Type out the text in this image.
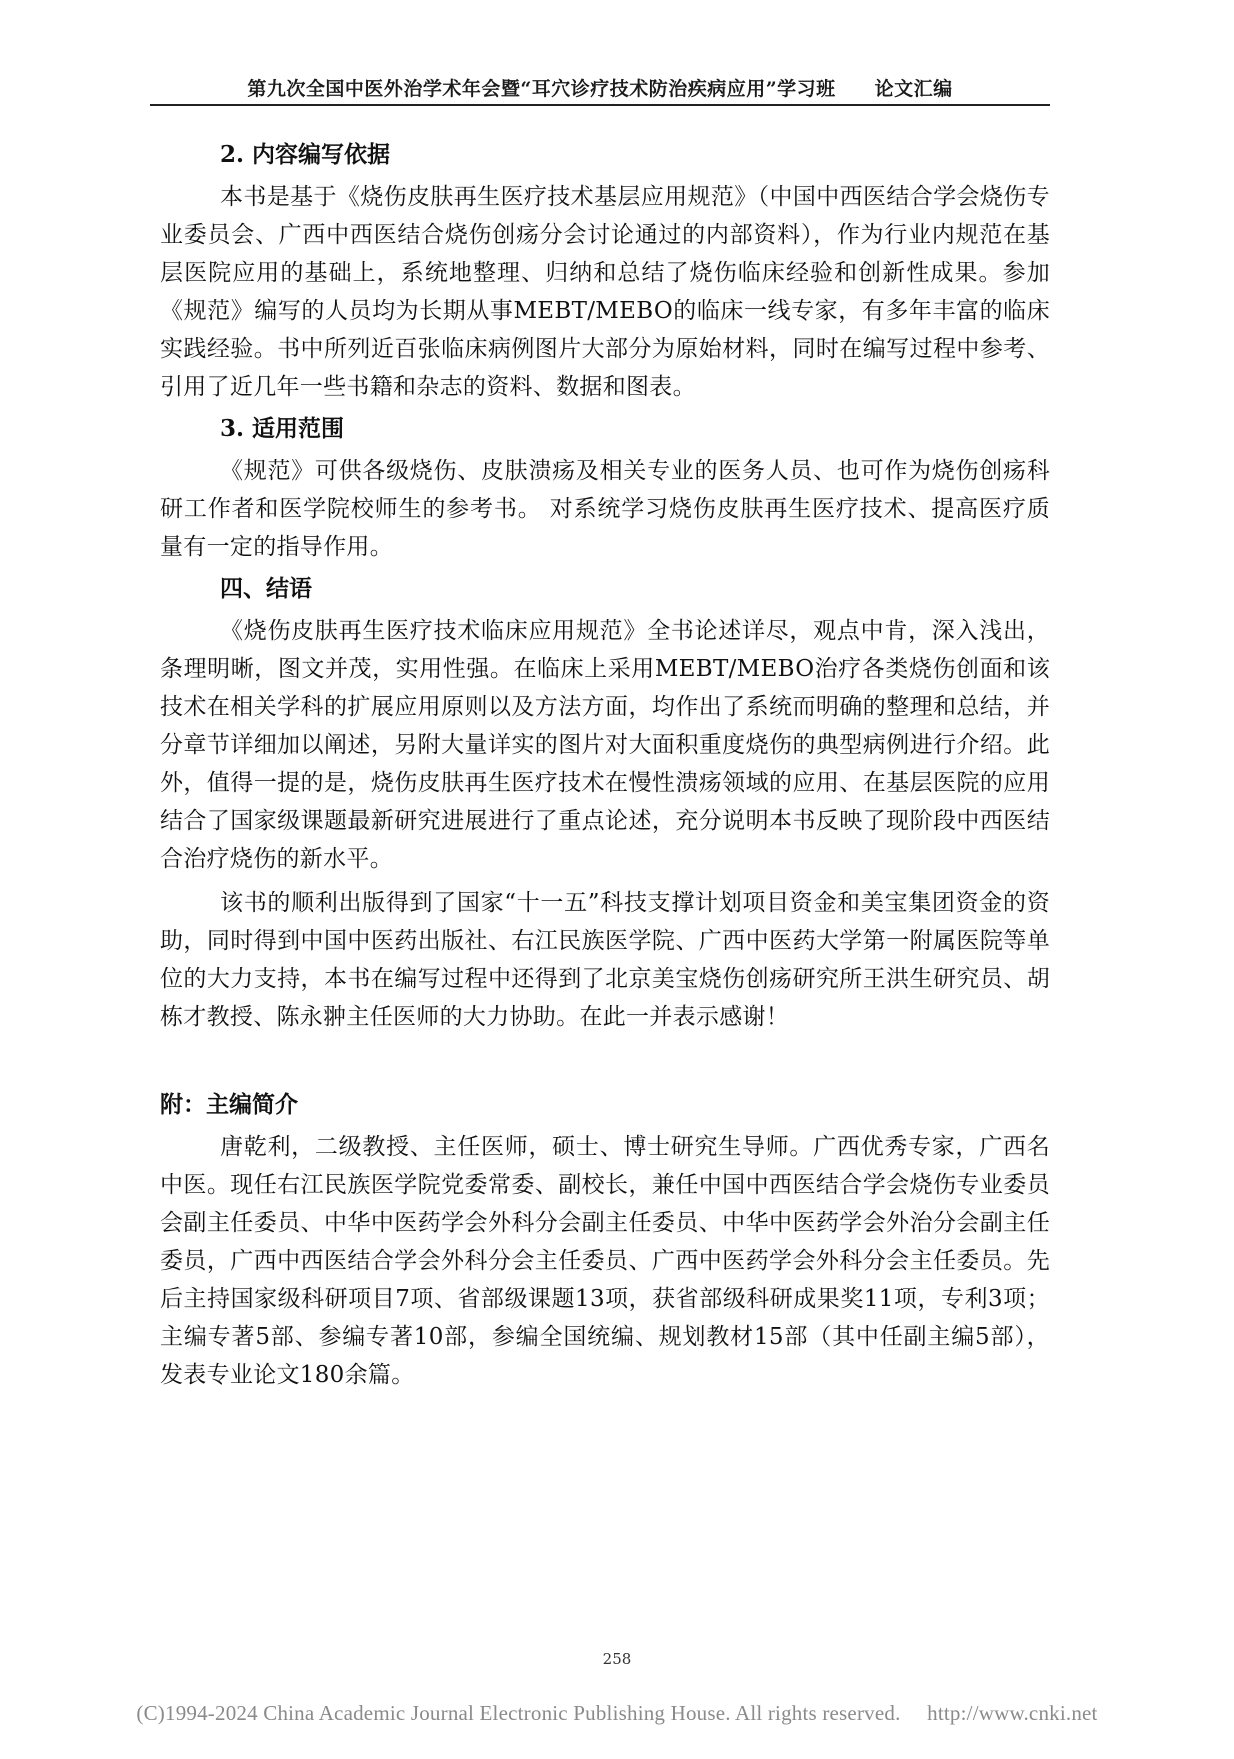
第九次全国中医外治学术年会暨“耳穴诊疗技术防治疾病应用”学习班　　论文汇编
2. 内容编写依据

本书是基于《烧伤皮肤再生医疗技术基层应用规范》（中国中西医结合学会烧伤专业委员会、广西中西医结合烧伤创疡分会讨论通过的内部资料），作为行业内规范在基层医院应用的基础上，系统地整理、归纳和总结了烧伤临床经验和创新性成果。参加《规范》编写的人员均为长期从事MEBT/MEBO的临床一线专家，有多年丰富的临床实践经验。书中所列近百张临床病例图片大部分为原始材料，同时在编写过程中参考、引用了近几年一些书籍和杂志的资料、数据和图表。

3. 适用范围

《规范》可供各级烧伤、皮肤溃疡及相关专业的医务人员、也可作为烧伤创疡科研工作者和医学院校师生的参考书。 对系统学习烧伤皮肤再生医疗技术、提高医疗质量有一定的指导作用。

四、结语

《烧伤皮肤再生医疗技术临床应用规范》全书论述详尽，观点中肯，深入浅出，条理明晰，图文并茂，实用性强。在临床上采用MEBT/MEBO治疗各类烧伤创面和该技术在相关学科的扩展应用原则以及方法方面，均作出了系统而明确的整理和总结，并分章节详细加以阐述，另附大量详实的图片对大面积重度烧伤的典型病例进行介绍。此外，值得一提的是，烧伤皮肤再生医疗技术在慢性溃疡领域的应用、在基层医院的应用结合了国家级课题最新研究进展进行了重点论述，充分说明本书反映了现阶段中西医结合治疗烧伤的新水平。

该书的顺利出版得到了国家“十一五”科技支撑计划项目资金和美宝集团资金的资助，同时得到中国中医药出版社、右江民族医学院、广西中医药大学第一附属医院等单位的大力支持，本书在编写过程中还得到了北京美宝烧伤创疡研究所王洪生研究员、胡栋才教授、陈永翀主任医师的大力协助。在此一并表示感谢！

附：主编简介

唐乾利，二级教授、主任医师，硕士、博士研究生导师。广西优秀专家，广西名中医。现任右江民族医学院党委常委、副校长，兼任中国中西医结合学会烧伤专业委员会副主任委员、中华中医药学会外科分会副主任委员、中华中医药学会外治分会副主任委员，广西中西医结合学会外科分会主任委员、广西中医药学会外科分会主任委员。先后主持国家级科研项目7项、省部级课题13项，获省部级科研成果奖11项，专利3项；主编专著5部、参编专著10部，参编全国统编、规划教材15部（其中任副主编5部），发表专业论文180余篇。

258
(C)1994-2024 China Academic Journal Electronic Publishing House. All rights reserved.　 http://www.cnki.net
